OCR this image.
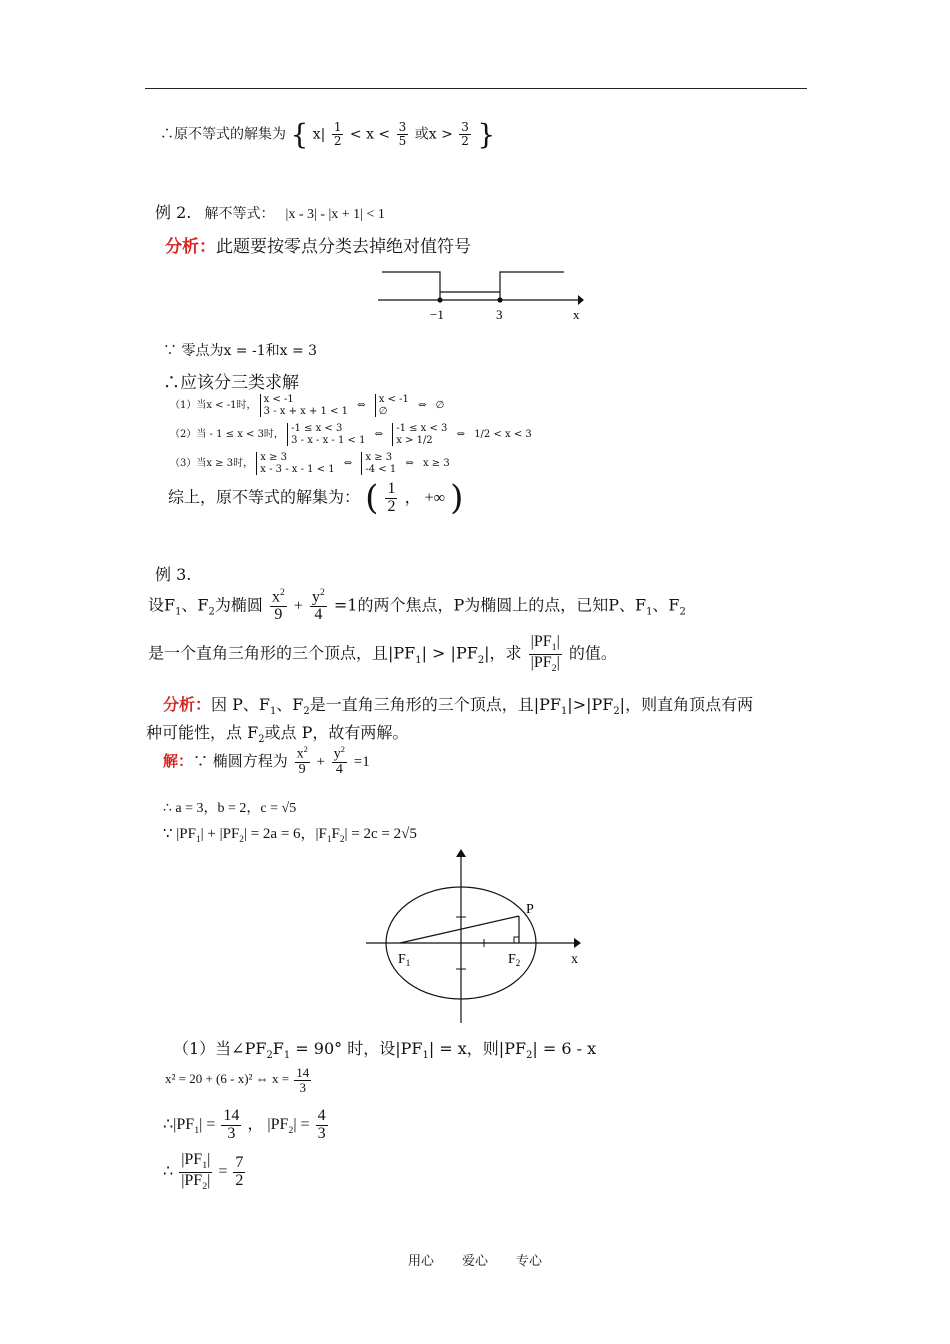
∴原不等式的解集为 { $x| \frac{1}{2} < x < \frac{3}{5}$ 或$x > \frac{3}{2}$ }
例 2. 解不等式： |x - 3| - |x + 1| < 1
分析：此题要按零点分类去掉绝对值符号
−1	3	x
∵ 零点为x = -1和x = 3
∴应该分三类求解
（1）当x < -1时，
x < -1
3 - x + x + 1 < 1 ⇔
x < -1
∅	⇔ ∅
（2）当 - 1 ≤ x < 3时，
-1 ≤ x < 3
3 - x - x - 1 < 1 ⇔
-1 ≤ x < 3
x > 1/2	⇔ 1/2 < x < 3
（3）当x ≥ 3时，
x ≥ 3
x - 3 - x - 1 < 1 ⇔
x ≥ 3
-4 < 1 ⇔ x ≥ 3
综上，原不等式的解集为： ( $\frac{1}{2}$ ， +∞ )
例 3.
设$F_1$、$F_2$为椭圆 $\frac{x^2}{9} + \frac{y^2}{4} =1$的两个焦点，P为椭圆上的点，已知P、$F_1$、$F_2$
是一个直角三角形的三个顶点，且$|PF_1| > |PF_2|$，求 $\frac{|PF_1|}{|PF_2|}$ 的值。
分析：因 P、$F_1$、$F_2$是一直角三角形的三个顶点，且$|PF_1|>|PF_2|$，则直角顶点有两
种可能性，点 $F_2$或点 P，故有两解。
解：∵ 椭圆方程为 $\frac{x^2}{9} + \frac{y^2}{4} =1$
∴ a = 3，b = 2，c = √5
∵ $|PF_1| + |PF_2| = 2a = 6$，$|F_1F_2| = 2c = 2√5$
P
$F_1$	$F_2$	x
（1）当$\angle PF_2F_1 = 90^\circ$ 时，设$|PF_1| = x$，则$|PF_2| = 6 - x$
x² = 20 + (6 - x)² ⇔ $x = \frac{14}{3}$
$\therefore|PF_1| = \frac{14}{3}$ ， $|PF_2| = \frac{4}{3}$
∴ $\frac{|PF_1|}{|PF_2|} = \frac{7}{2}$
用心 爱心 专心
